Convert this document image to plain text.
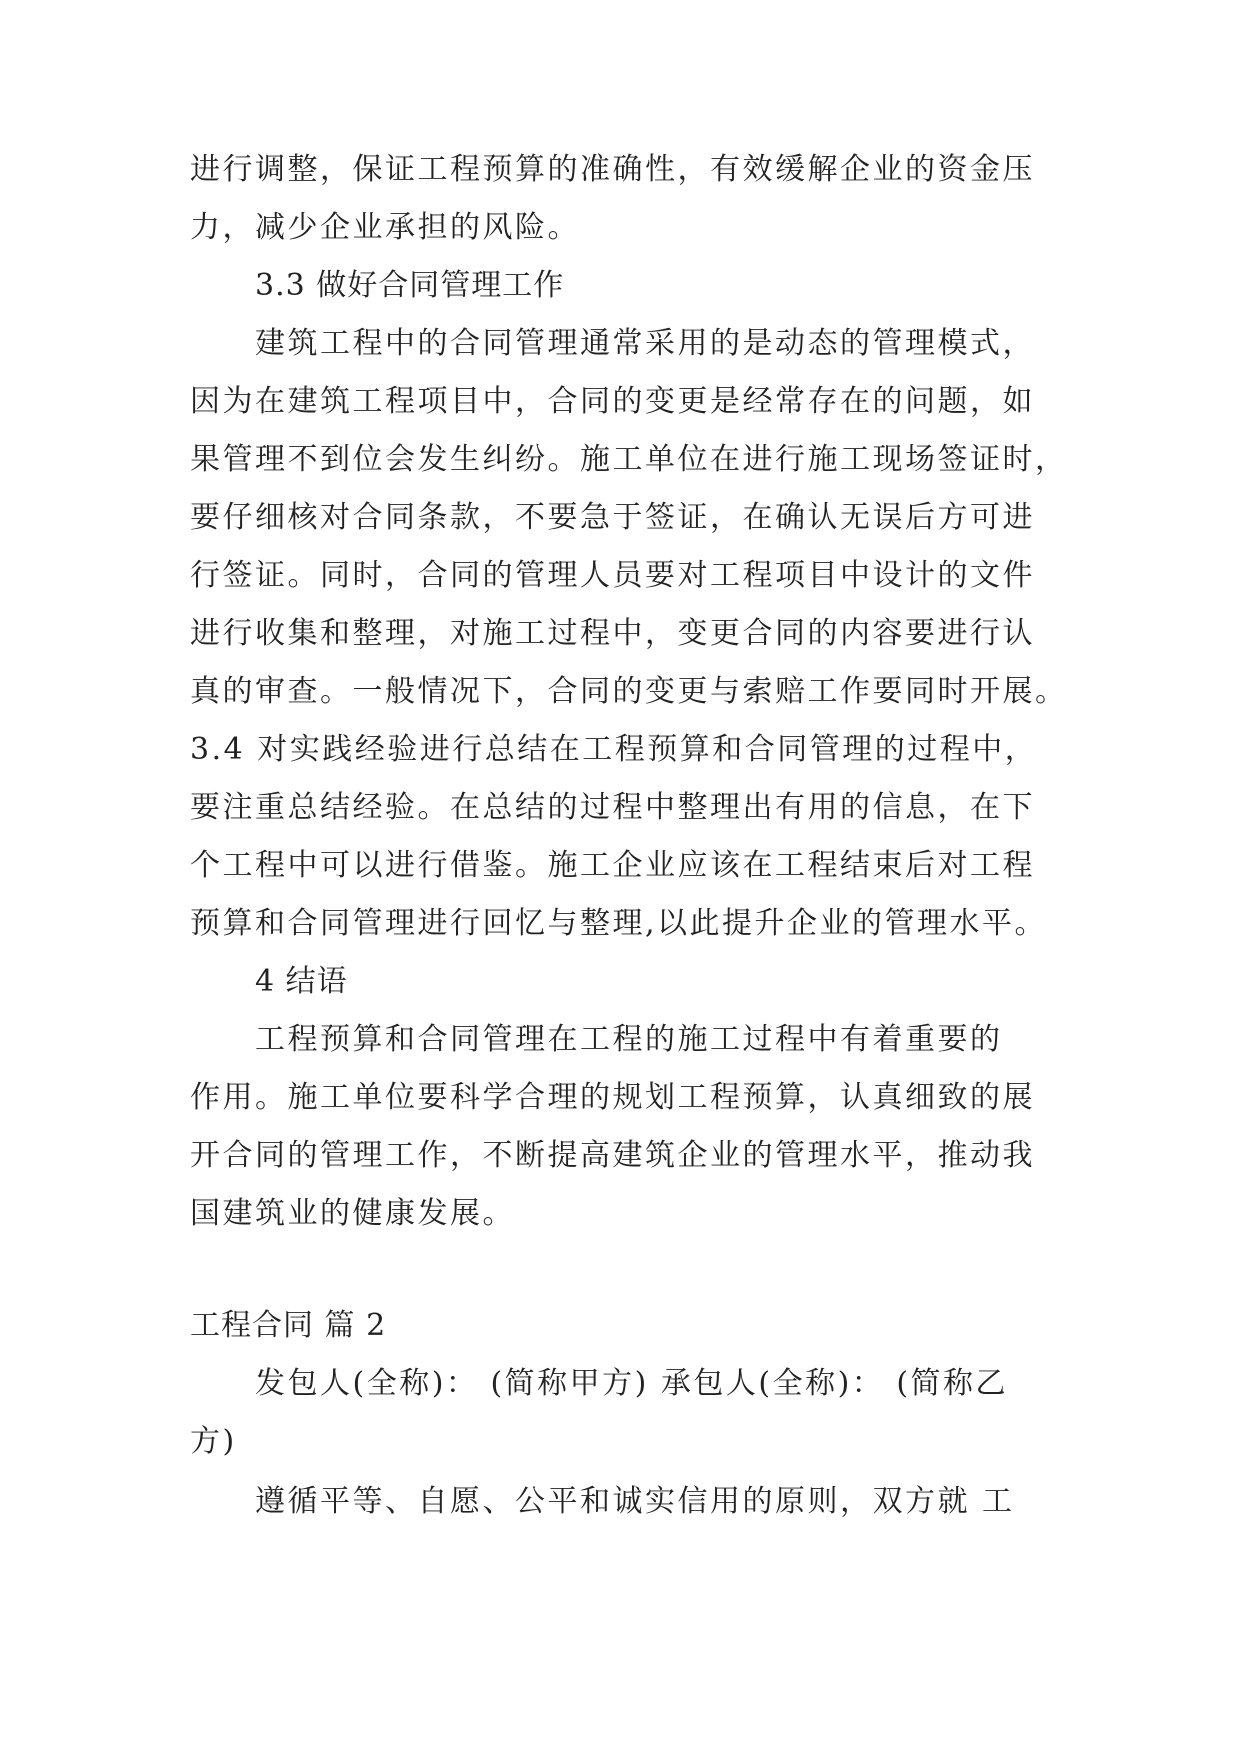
进行调整，保证工程预算的准确性，有效缓解企业的资金压
力，减少企业承担的风险。
3.3 做好合同管理工作
建筑工程中的合同管理通常采用的是动态的管理模式，
因为在建筑工程项目中，合同的变更是经常存在的问题，如
果管理不到位会发生纠纷。施工单位在进行施工现场签证时，
要仔细核对合同条款，不要急于签证，在确认无误后方可进
行签证。同时，合同的管理人员要对工程项目中设计的文件
进行收集和整理，对施工过程中，变更合同的内容要进行认
真的审查。一般情况下，合同的变更与索赔工作要同时开展。
3.4 对实践经验进行总结在工程预算和合同管理的过程中，
要注重总结经验。在总结的过程中整理出有用的信息，在下
个工程中可以进行借鉴。施工企业应该在工程结束后对工程
预算和合同管理进行回忆与整理,以此提升企业的管理水平。
4 结语
工程预算和合同管理在工程的施工过程中有着重要的
作用。施工单位要科学合理的规划工程预算，认真细致的展
开合同的管理工作，不断提高建筑企业的管理水平，推动我
国建筑业的健康发展。
工程合同 篇 2
发包人(全称)： (简称甲方) 承包人(全称)： (简称乙
方)
遵循平等、自愿、公平和诚实信用的原则，双方就 工
